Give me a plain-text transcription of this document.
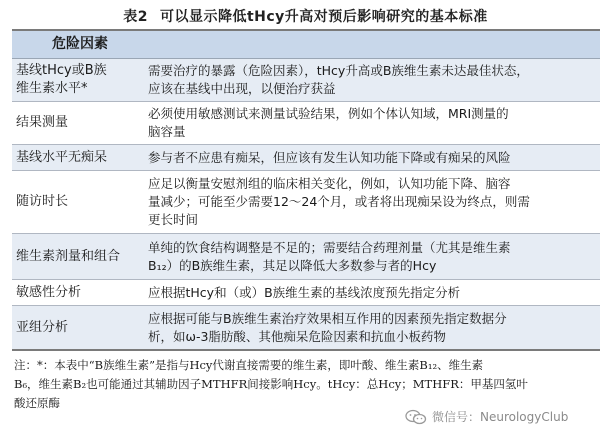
表2 可以显示降低tHcy升高对预后影响研究的基本标准
危险因素
基线tHcy或B族
维生素水平*
需要治疗的暴露（危险因素），tHcy升高或B族维生素未达最佳状态，
应该在基线中出现，以便治疗获益
结果测量
必须使用敏感测试来测量试验结果，例如个体认知域，MRI测量的
脑容量
基线水平无痴呆	参与者不应患有痴呆，但应该有发生认知功能下降或有痴呆的风险
随访时长
应足以衡量安慰剂组的临床相关变化，例如，认知功能下降、脑容
量减少；可能至少需要12～24个月，或者将出现痴呆设为终点，则需
更长时间
维生素剂量和组合
单纯的饮食结构调整是不足的；需要结合药理剂量（尤其是维生素
B₁₂）的B族维生素，其足以降低大多数参与者的Hcy
敏感性分析	应根据tHcy和（或）B族维生素的基线浓度预先指定分析
亚组分析
应根据可能与B族维生素治疗效果相互作用的因素预先指定数据分
析，如ω-3脂肪酸、其他痴呆危险因素和抗血小板药物
注：*：本表中“B族维生素”是指与Hcy代谢直接需要的维生素，即叶酸、维生素B₁₂、维生素
B₆，维生素B₂也可能通过其辅助因子MTHFR间接影响Hcy。tHcy：总Hcy；MTHFR：甲基四氢叶
酸还原酶
微信号：NeurologyClub
